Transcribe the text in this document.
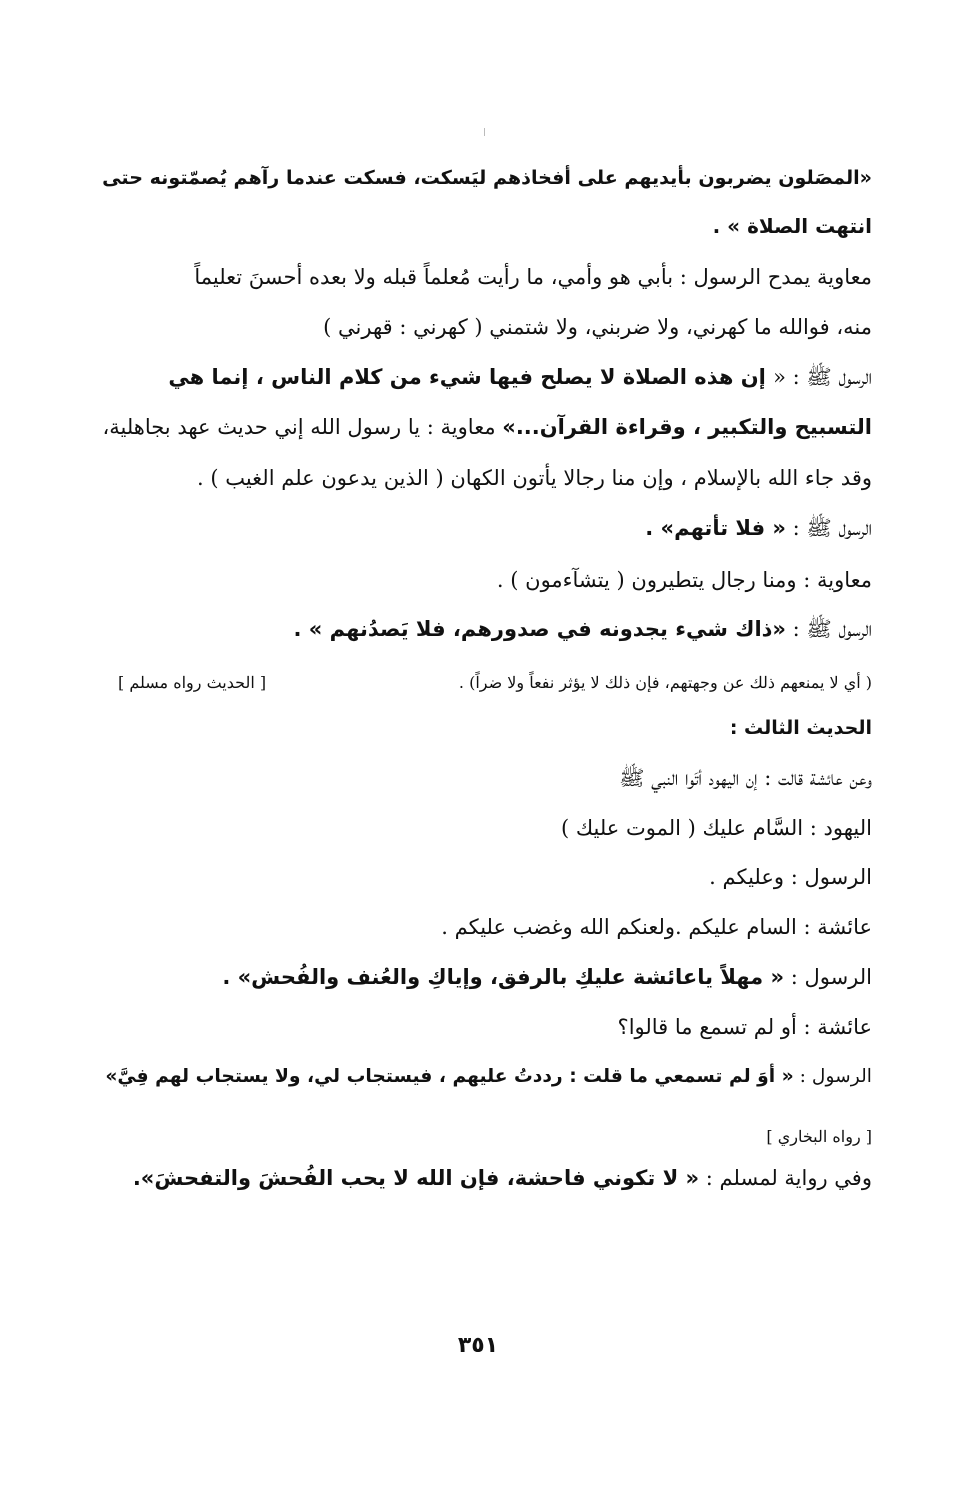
«المصَلون يضربون بأيديهم على أفخاذهم ليَسكت، فسكت عندما رآهم يُصمّتونه حتى
انتهت الصلاة » .
معاوية يمدح الرسول : بأبي هو وأمي، ما رأيت مُعلماً قبله ولا بعده أحسنَ تعليماً
منه، فوالله ما كهرني، ولا ضربني، ولا شتمني ( كهرني : قهرني )
الرسول ﷺ : « إن هذه الصلاة لا يصلح فيها شيء من كلام الناس ، إنما هي
التسبيح والتكبير ، وقراءة القرآن...» معاوية : يا رسول الله إني حديث عهد بجاهلية،
وقد جاء الله بالإسلام ، وإن منا رجالا يأتون الكهان ( الذين يدعون علم الغيب ) .
الرسول ﷺ : « فلا تأتهم» .
معاوية : ومنا رجال يتطيرون ( يتشآءمون ) .
الرسول ﷺ : «ذاك شيء يجدونه في صدورهم، فلا يَصدُنهم » .
( أي لا يمنعهم ذلك عن وجهتهم، فإن ذلك لا يؤثر نفعاً ولا ضراً) .
[ الحديث رواه مسلم ]
الحديث الثالث :
وعن عائشة قالت : إن اليهود أتَوا النبي ﷺ
اليهود : السَّام عليك ( الموت عليك )
الرسول : وعليكم .
عائشة : السام عليكم .ولعنكم الله وغضب عليكم .
الرسول : « مهلاً ياعائشة عليكِ بالرفق، وإياكِ والعُنف والفُحش» .
عائشة : أو لم تسمع ما قالوا؟
الرسول : « أوَ لم تسمعي ما قلت : رددتُ عليهم ، فيستجاب لي، ولا يستجاب لهم فِيَّ»
[ رواه البخاري ]
وفي رواية لمسلم : « لا تكوني فاحشة، فإن الله لا يحب الفُحشَ والتفحشَ».
٣٥١
